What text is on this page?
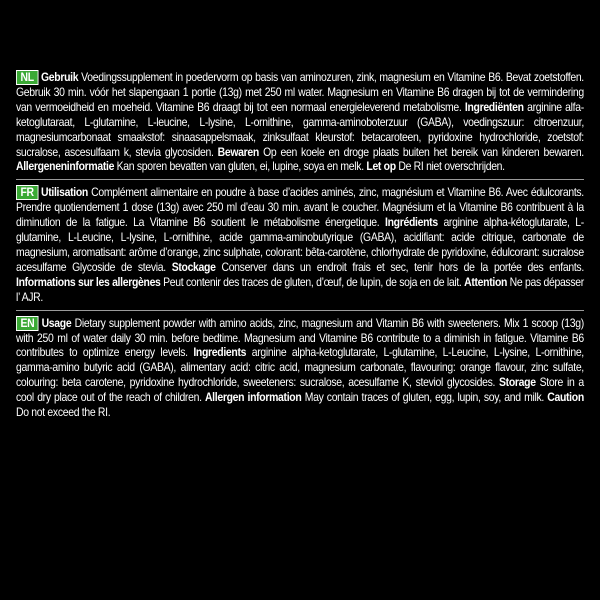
NL Gebruik Voedingssupplement in poedervorm op basis van aminozuren, zink, magnesium en Vitamine B6. Bevat zoetstoffen. Gebruik 30 min. vóór het slapengaan 1 portie (13g) met 250 ml water. Magnesium en Vitamine B6 dragen bij tot de vermindering van vermoeidheid en moeheid. Vitamine B6 draagt bij tot een normaal energieleverend metabolisme. Ingrediënten arginine alfa-ketoglutaraat, L-glutamine, L-leucine, L-lysine, L-ornithine, gamma-aminoboterzuur (GABA), voedingszuur: citroenzuur, magnesiumcarbonaat smaakstof: sinaasappelsmaak, zinksulfaat kleurstof: betacaroteen, pyridoxine hydrochloride, zoetstof: sucralose, ascesulfaam k, stevia glycosiden. Bewaren Op een koele en droge plaats buiten het bereik van kinderen bewaren. Allergeneninformatie Kan sporen bevatten van gluten, ei, lupine, soya en melk. Let op De RI niet overschrijden.
FR Utilisation Complément alimentaire en poudre à base d’acides aminés, zinc, magnésium et Vitamine B6. Avec édulcorants. Prendre quotiendement 1 dose (13g) avec 250 ml d’eau 30 min. avant le coucher. Magnésium et la Vitamine B6 contribuent à la diminution de la fatigue. La Vitamine B6 soutient le métabolisme énergetique. Ingrédients arginine alpha-kétoglutarate, L-glutamine, L-Leucine, L-lysine, L-ornithine, acide gamma-aminobutyrique (GABA), acidifiant: acide citrique, carbonate de magnesium, aromatisant: arôme d’orange, zinc sulphate, colorant: bêta-carotène, chlorhydrate de pyridoxine, édulcorant: sucralose acesulfame Glycoside de stevia. Stockage Conserver dans un endroit frais et sec, tenir hors de la portée des enfants. Informations sur les allergènes Peut contenir des traces de gluten, d’œuf, de lupin, de soja en de lait. Attention Ne pas dépasser l’ AJR.
EN Usage Dietary supplement powder with amino acids, zinc, magnesium and Vitamin B6 with sweeteners. Mix 1 scoop (13g) with 250 ml of water daily 30 min. before bedtime. Magnesium and Vitamine B6 contribute to a diminish in fatigue. Vitamine B6 contributes to optimize energy levels. Ingredients arginine alpha-ketoglutarate, L-glutamine, L-Leucine, L-lysine, L-ornithine, gamma-amino butyric acid (GABA), alimentary acid: citric acid, magnesium carbonate, flavouring: orange flavour, zinc sulfate, colouring: beta carotene, pyridoxine hydrochloride, sweeteners: sucralose, acesulfame K, steviol glycosides. Storage Store in a cool dry place out of the reach of children. Allergen information May contain traces of gluten, egg, lupin, soy, and milk. Caution Do not exceed the RI.
